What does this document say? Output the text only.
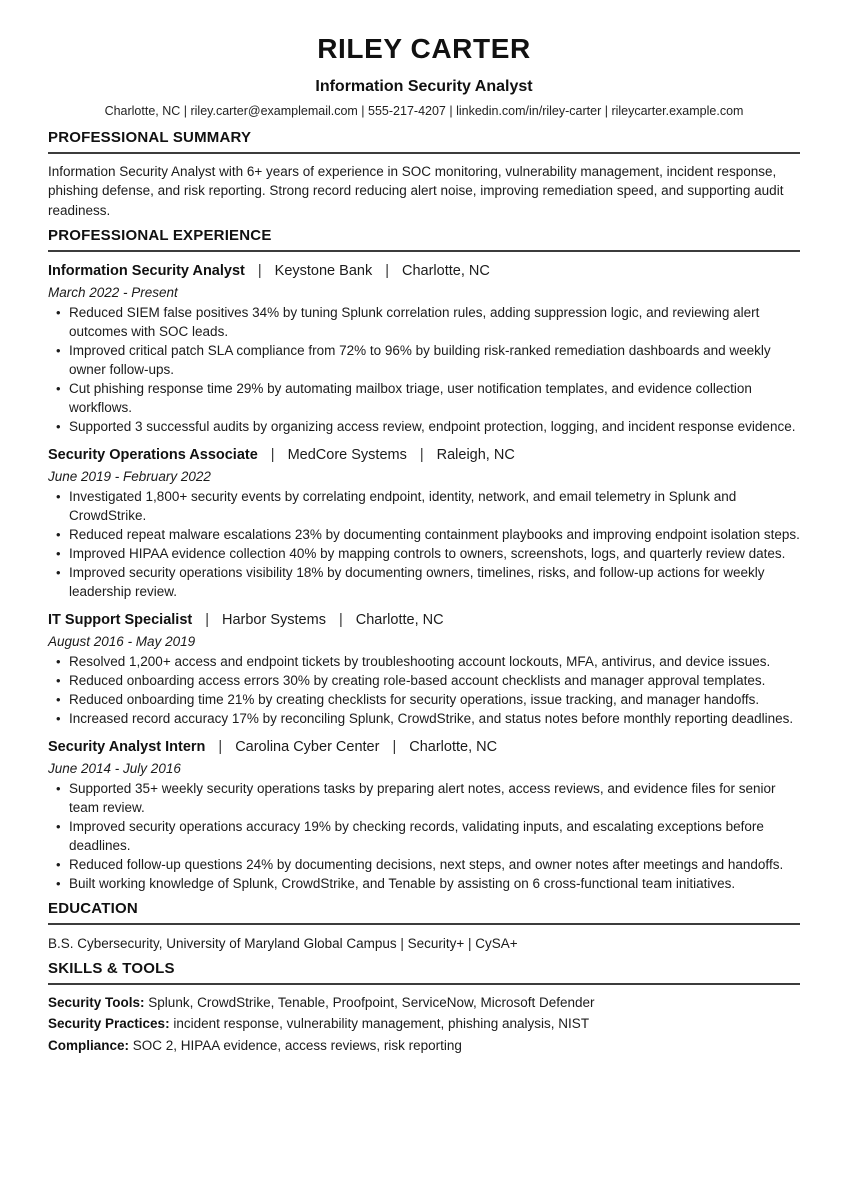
RILEY CARTER
Information Security Analyst
Charlotte, NC | riley.carter@examplemail.com | 555-217-4207 | linkedin.com/in/riley-carter | rileycarter.example.com
PROFESSIONAL SUMMARY

Information Security Analyst with 6+ years of experience in SOC monitoring, vulnerability management, incident response, phishing defense, and risk reporting. Strong record reducing alert noise, improving remediation speed, and supporting audit readiness.

PROFESSIONAL EXPERIENCE
Information Security Analyst | Keystone Bank | Charlotte, NC
March 2022 - Present
• Reduced SIEM false positives 34% by tuning Splunk correlation rules, adding suppression logic, and reviewing alert outcomes with SOC leads.
• Improved critical patch SLA compliance from 72% to 96% by building risk-ranked remediation dashboards and weekly owner follow-ups.
• Cut phishing response time 29% by automating mailbox triage, user notification templates, and evidence collection workflows.
• Supported 3 successful audits by organizing access review, endpoint protection, logging, and incident response evidence.
Security Operations Associate | MedCore Systems | Raleigh, NC
June 2019 - February 2022
• Investigated 1,800+ security events by correlating endpoint, identity, network, and email telemetry in Splunk and CrowdStrike.
• Reduced repeat malware escalations 23% by documenting containment playbooks and improving endpoint isolation steps.
• Improved HIPAA evidence collection 40% by mapping controls to owners, screenshots, logs, and quarterly review dates.
• Improved security operations visibility 18% by documenting owners, timelines, risks, and follow-up actions for weekly leadership review.
IT Support Specialist | Harbor Systems | Charlotte, NC
August 2016 - May 2019
• Resolved 1,200+ access and endpoint tickets by troubleshooting account lockouts, MFA, antivirus, and device issues.
• Reduced onboarding access errors 30% by creating role-based account checklists and manager approval templates.
• Reduced onboarding time 21% by creating checklists for security operations, issue tracking, and manager handoffs.
• Increased record accuracy 17% by reconciling Splunk, CrowdStrike, and status notes before monthly reporting deadlines.
Security Analyst Intern | Carolina Cyber Center | Charlotte, NC
June 2014 - July 2016
• Supported 35+ weekly security operations tasks by preparing alert notes, access reviews, and evidence files for senior team review.
• Improved security operations accuracy 19% by checking records, validating inputs, and escalating exceptions before deadlines.
• Reduced follow-up questions 24% by documenting decisions, next steps, and owner notes after meetings and handoffs.
• Built working knowledge of Splunk, CrowdStrike, and Tenable by assisting on 6 cross-functional team initiatives.
EDUCATION

B.S. Cybersecurity, University of Maryland Global Campus | Security+ | CySA+

SKILLS & TOOLS

Security Tools: Splunk, CrowdStrike, Tenable, Proofpoint, ServiceNow, Microsoft Defender

Security Practices: incident response, vulnerability management, phishing analysis, NIST

Compliance: SOC 2, HIPAA evidence, access reviews, risk reporting
